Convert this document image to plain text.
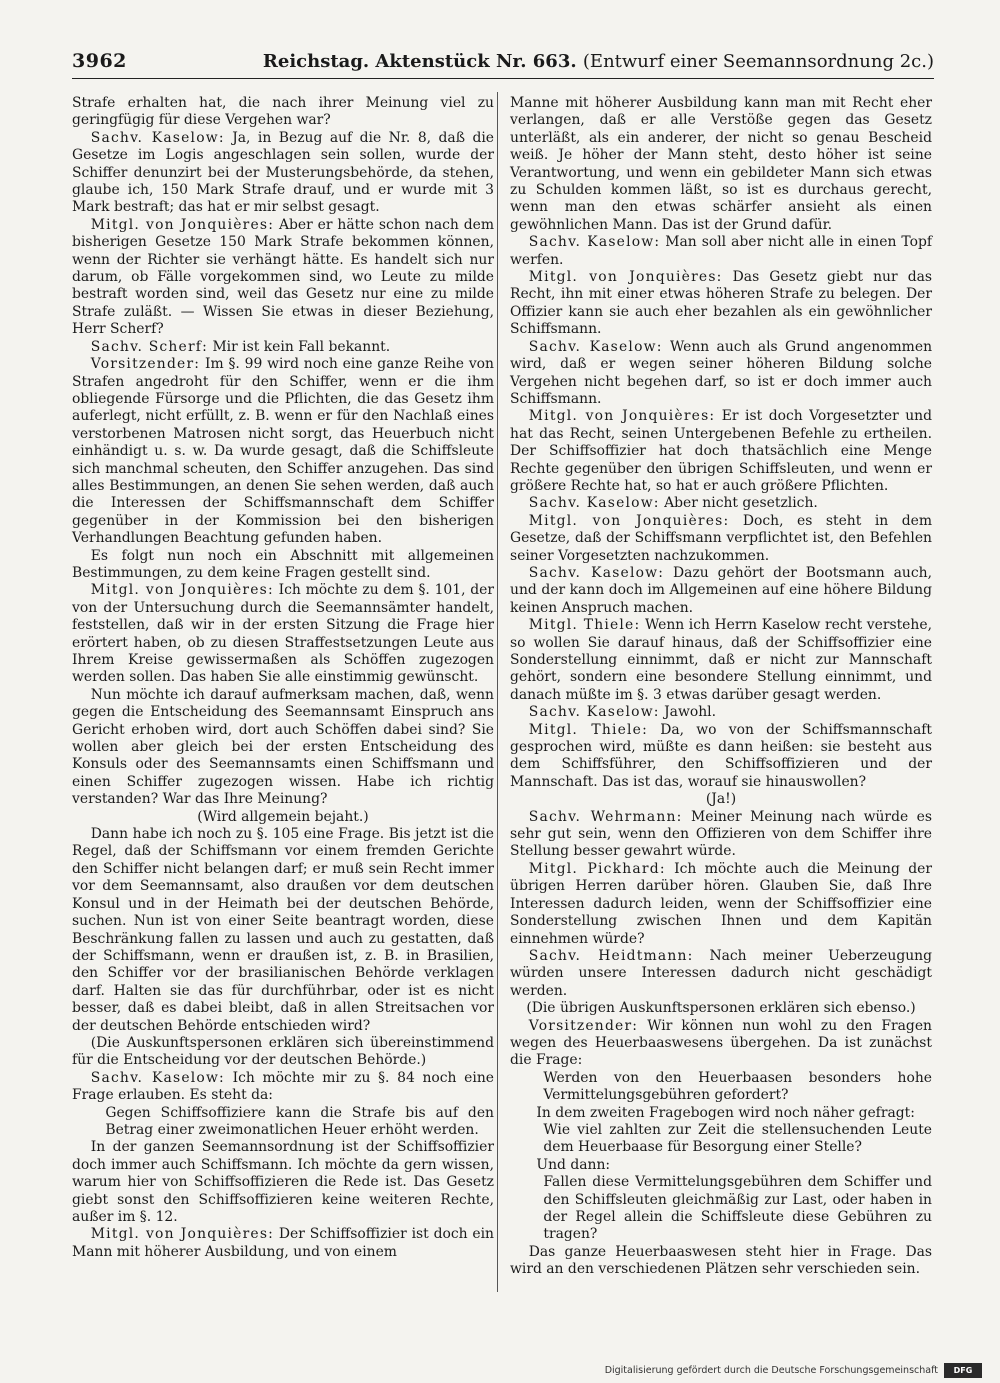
3962	Reichstag. Aktenstück Nr. 663. (Entwurf einer Seemannsordnung 2c.)

Strafe erhalten hat, die nach ihrer Meinung viel zu geringfügig für diese Vergehen war?

Sachv. Kaselow: Ja, in Bezug auf die Nr. 8, daß die Gesetze im Logis angeschlagen sein sollen, wurde der Schiffer denunzirt bei der Musterungsbehörde, da stehen, glaube ich, 150 Mark Strafe drauf, und er wurde mit 3 Mark bestraft; das hat er mir selbst gesagt.

Mitgl. von Jonquières: Aber er hätte schon nach dem bisherigen Gesetze 150 Mark Strafe bekommen können, wenn der Richter sie verhängt hätte. Es handelt sich nur darum, ob Fälle vorgekommen sind, wo Leute zu milde bestraft worden sind, weil das Gesetz nur eine zu milde Strafe zuläßt. — Wissen Sie etwas in dieser Beziehung, Herr Scherf?

Sachv. Scherf: Mir ist kein Fall bekannt.

Vorsitzender: Im §. 99 wird noch eine ganze Reihe von Strafen angedroht für den Schiffer, wenn er die ihm obliegende Fürsorge und die Pflichten, die das Gesetz ihm auferlegt, nicht erfüllt, z. B. wenn er für den Nachlaß eines verstorbenen Matrosen nicht sorgt, das Heuerbuch nicht einhändigt u. s. w. Da wurde gesagt, daß die Schiffsleute sich manchmal scheuten, den Schiffer anzugehen. Das sind alles Bestimmungen, an denen Sie sehen werden, daß auch die Interessen der Schiffsmannschaft dem Schiffer gegenüber in der Kommission bei den bisherigen Verhandlungen Beachtung gefunden haben.

Es folgt nun noch ein Abschnitt mit allgemeinen Bestimmungen, zu dem keine Fragen gestellt sind.

Mitgl. von Jonquières: Ich möchte zu dem §. 101, der von der Untersuchung durch die Seemannsämter handelt, feststellen, daß wir in der ersten Sitzung die Frage hier erörtert haben, ob zu diesen Straffestsetzungen Leute aus Ihrem Kreise gewissermaßen als Schöffen zugezogen werden sollen. Das haben Sie alle einstimmig gewünscht.

Nun möchte ich darauf aufmerksam machen, daß, wenn gegen die Entscheidung des Seemannsamt Einspruch ans Gericht erhoben wird, dort auch Schöffen dabei sind? Sie wollen aber gleich bei der ersten Entscheidung des Konsuls oder des Seemannsamts einen Schiffsmann und einen Schiffer zugezogen wissen. Habe ich richtig verstanden? War das Ihre Meinung?

(Wird allgemein bejaht.)

Dann habe ich noch zu §. 105 eine Frage. Bis jetzt ist die Regel, daß der Schiffsmann vor einem fremden Gerichte den Schiffer nicht belangen darf; er muß sein Recht immer vor dem Seemannsamt, also draußen vor dem deutschen Konsul und in der Heimath bei der deutschen Behörde, suchen. Nun ist von einer Seite beantragt worden, diese Beschränkung fallen zu lassen und auch zu gestatten, daß der Schiffsmann, wenn er draußen ist, z. B. in Brasilien, den Schiffer vor der brasilianischen Behörde verklagen darf. Halten sie das für durchführbar, oder ist es nicht besser, daß es dabei bleibt, daß in allen Streitsachen vor der deutschen Behörde entschieden wird?

(Die Auskunftspersonen erklären sich übereinstimmend für die Entscheidung vor der deutschen Behörde.)

Sachv. Kaselow: Ich möchte mir zu §. 84 noch eine Frage erlauben. Es steht da:

Gegen Schiffsoffiziere kann die Strafe bis auf den Betrag einer zweimonatlichen Heuer erhöht werden.

In der ganzen Seemannsordnung ist der Schiffsoffizier doch immer auch Schiffsmann. Ich möchte da gern wissen, warum hier von Schiffsoffizieren die Rede ist. Das Gesetz giebt sonst den Schiffsoffizieren keine weiteren Rechte, außer im §. 12.

Mitgl. von Jonquières: Der Schiffsoffizier ist doch ein Mann mit höherer Ausbildung, und von einem

Manne mit höherer Ausbildung kann man mit Recht eher verlangen, daß er alle Verstöße gegen das Gesetz unterläßt, als ein anderer, der nicht so genau Bescheid weiß. Je höher der Mann steht, desto höher ist seine Verantwortung, und wenn ein gebildeter Mann sich etwas zu Schulden kommen läßt, so ist es durchaus gerecht, wenn man den etwas schärfer ansieht als einen gewöhnlichen Mann. Das ist der Grund dafür.

Sachv. Kaselow: Man soll aber nicht alle in einen Topf werfen.

Mitgl. von Jonquières: Das Gesetz giebt nur das Recht, ihn mit einer etwas höheren Strafe zu belegen. Der Offizier kann sie auch eher bezahlen als ein gewöhnlicher Schiffsmann.

Sachv. Kaselow: Wenn auch als Grund angenommen wird, daß er wegen seiner höheren Bildung solche Vergehen nicht begehen darf, so ist er doch immer auch Schiffsmann.

Mitgl. von Jonquières: Er ist doch Vorgesetzter und hat das Recht, seinen Untergebenen Befehle zu ertheilen. Der Schiffsoffizier hat doch thatsächlich eine Menge Rechte gegenüber den übrigen Schiffsleuten, und wenn er größere Rechte hat, so hat er auch größere Pflichten.

Sachv. Kaselow: Aber nicht gesetzlich.

Mitgl. von Jonquières: Doch, es steht in dem Gesetze, daß der Schiffsmann verpflichtet ist, den Befehlen seiner Vorgesetzten nachzukommen.

Sachv. Kaselow: Dazu gehört der Bootsmann auch, und der kann doch im Allgemeinen auf eine höhere Bildung keinen Anspruch machen.

Mitgl. Thiele: Wenn ich Herrn Kaselow recht verstehe, so wollen Sie darauf hinaus, daß der Schiffsoffizier eine Sonderstellung einnimmt, daß er nicht zur Mannschaft gehört, sondern eine besondere Stellung einnimmt, und danach müßte im §. 3 etwas darüber gesagt werden.

Sachv. Kaselow: Jawohl.

Mitgl. Thiele: Da, wo von der Schiffsmannschaft gesprochen wird, müßte es dann heißen: sie besteht aus dem Schiffsführer, den Schiffsoffizieren und der Mannschaft. Das ist das, worauf sie hinauswollen?

(Ja!)

Sachv. Wehrmann: Meiner Meinung nach würde es sehr gut sein, wenn den Offizieren von dem Schiffer ihre Stellung besser gewahrt würde.

Mitgl. Pickhard: Ich möchte auch die Meinung der übrigen Herren darüber hören. Glauben Sie, daß Ihre Interessen dadurch leiden, wenn der Schiffsoffizier eine Sonderstellung zwischen Ihnen und dem Kapitän einnehmen würde?

Sachv. Heidtmann: Nach meiner Ueberzeugung würden unsere Interessen dadurch nicht geschädigt werden.

(Die übrigen Auskunftspersonen erklären sich ebenso.)

Vorsitzender: Wir können nun wohl zu den Fragen wegen des Heuerbaaswesens übergehen. Da ist zunächst die Frage:

Werden von den Heuerbaasen besonders hohe Vermittelungsgebühren gefordert?

In dem zweiten Fragebogen wird noch näher gefragt:

Wie viel zahlten zur Zeit die stellensuchenden Leute dem Heuerbaase für Besorgung einer Stelle?

Und dann:

Fallen diese Vermittelungsgebühren dem Schiffer und den Schiffsleuten gleichmäßig zur Last, oder haben in der Regel allein die Schiffsleute diese Gebühren zu tragen?

Das ganze Heuerbaaswesen steht hier in Frage. Das wird an den verschiedenen Plätzen sehr verschieden sein.

Digitalisierung gefördert durch die Deutsche Forschungsgemeinschaft	DFG
